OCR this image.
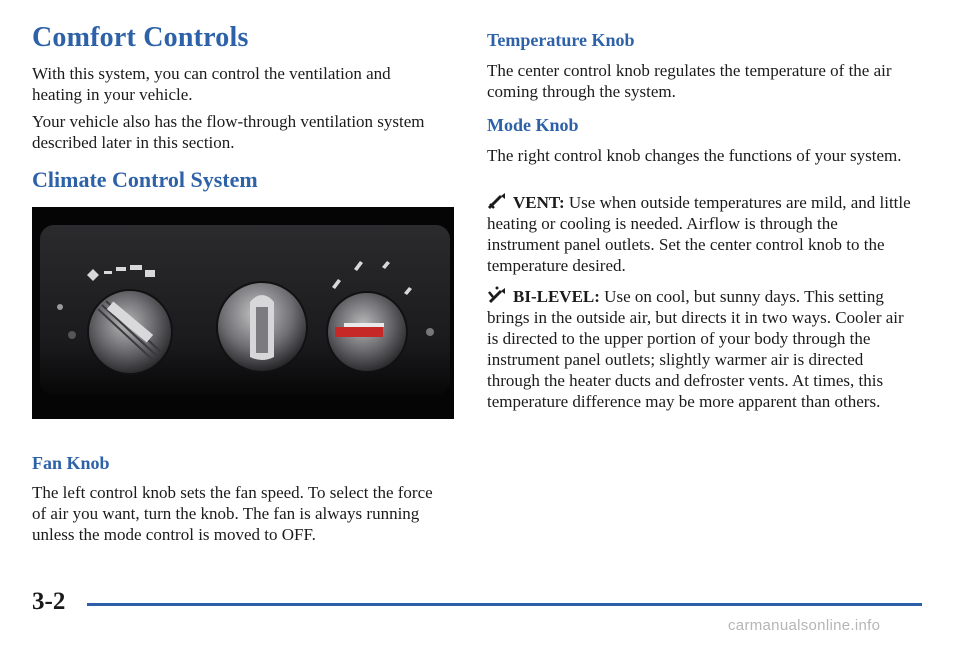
Comfort Controls

With this system, you can control the ventilation and heating in your vehicle.

Your vehicle also has the flow-through ventilation system described later in this section.

Climate Control System
Fan Knob

The left control knob sets the fan speed. To select the force of air you want, turn the knob. The fan is always running unless the mode control is moved to OFF.

Temperature Knob

The center control knob regulates the temperature of the air coming through the system.

Mode Knob

The right control knob changes the functions of your system.

VENT: Use when outside temperatures are mild, and little heating or cooling is needed. Airflow is through the instrument panel outlets. Set the center control knob to the temperature desired.

BI-LEVEL: Use on cool, but sunny days. This setting brings in the outside air, but directs it in two ways. Cooler air is directed to the upper portion of your body through the instrument panel outlets; slightly warmer air is directed through the heater ducts and defroster vents. At times, this temperature difference may be more apparent than others.

3-2
carmanualsonline.info
